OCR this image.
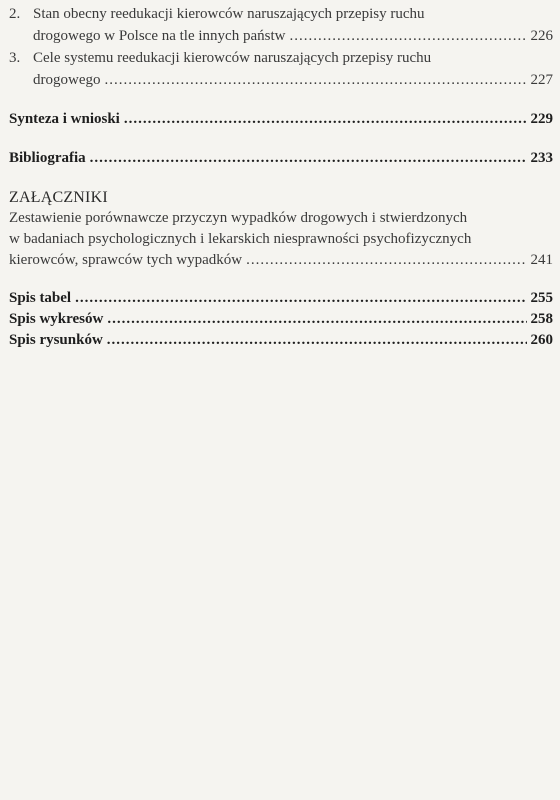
2. Stan obecny reedukacji kierowców naruszających przepisy ruchu
drogowego w Polsce na tle innych państw .....	226
3. Cele systemu reedukacji kierowców naruszających przepisy ruchu
drogowego .....	227
Synteza i wnioski .....	229
Bibliografia .....	233
ZAŁĄCZNIKI
Zestawienie porównawcze przyczyn wypadków drogowych i stwierdzonych
w badaniach psychologicznych i lekarskich niesprawności psychofizycznych
kierowców, sprawców tych wypadków .....	241
Spis tabel .....	255
Spis wykresów .....	258
Spis rysunków .....	260
